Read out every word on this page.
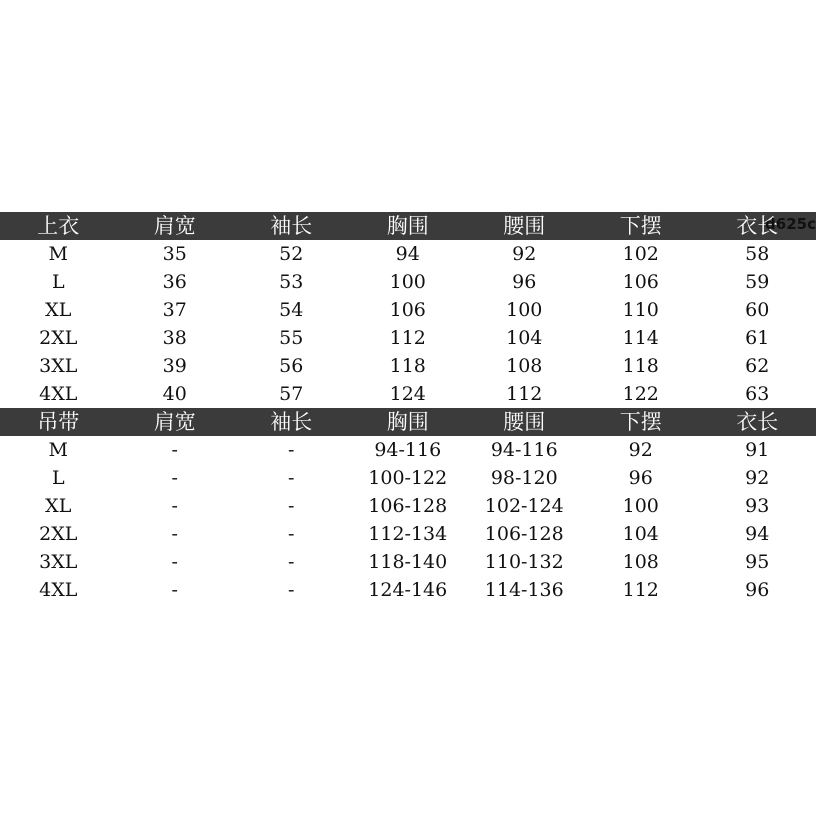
上衣	肩宽	袖长	胸围	腰围	下摆	衣长
M	35	52	94	92	102	58
L	36	53	100	96	106	59
XL	37	54	106	100	110	60
2XL	38	55	112	104	114	61
3XL	39	56	118	108	118	62
4XL	40	57	124	112	122	63
吊带	肩宽	袖长	胸围	腰围	下摆	衣长
M	-	-	94-116	94-116	92	91
L	-	-	100-122	98-120	96	92
XL	-	-	106-128	102-124	100	93
2XL	-	-	112-134	106-128	104	94
3XL	-	-	118-140	110-132	108	95
4XL	-	-	124-146	114-136	112	96
d625c
